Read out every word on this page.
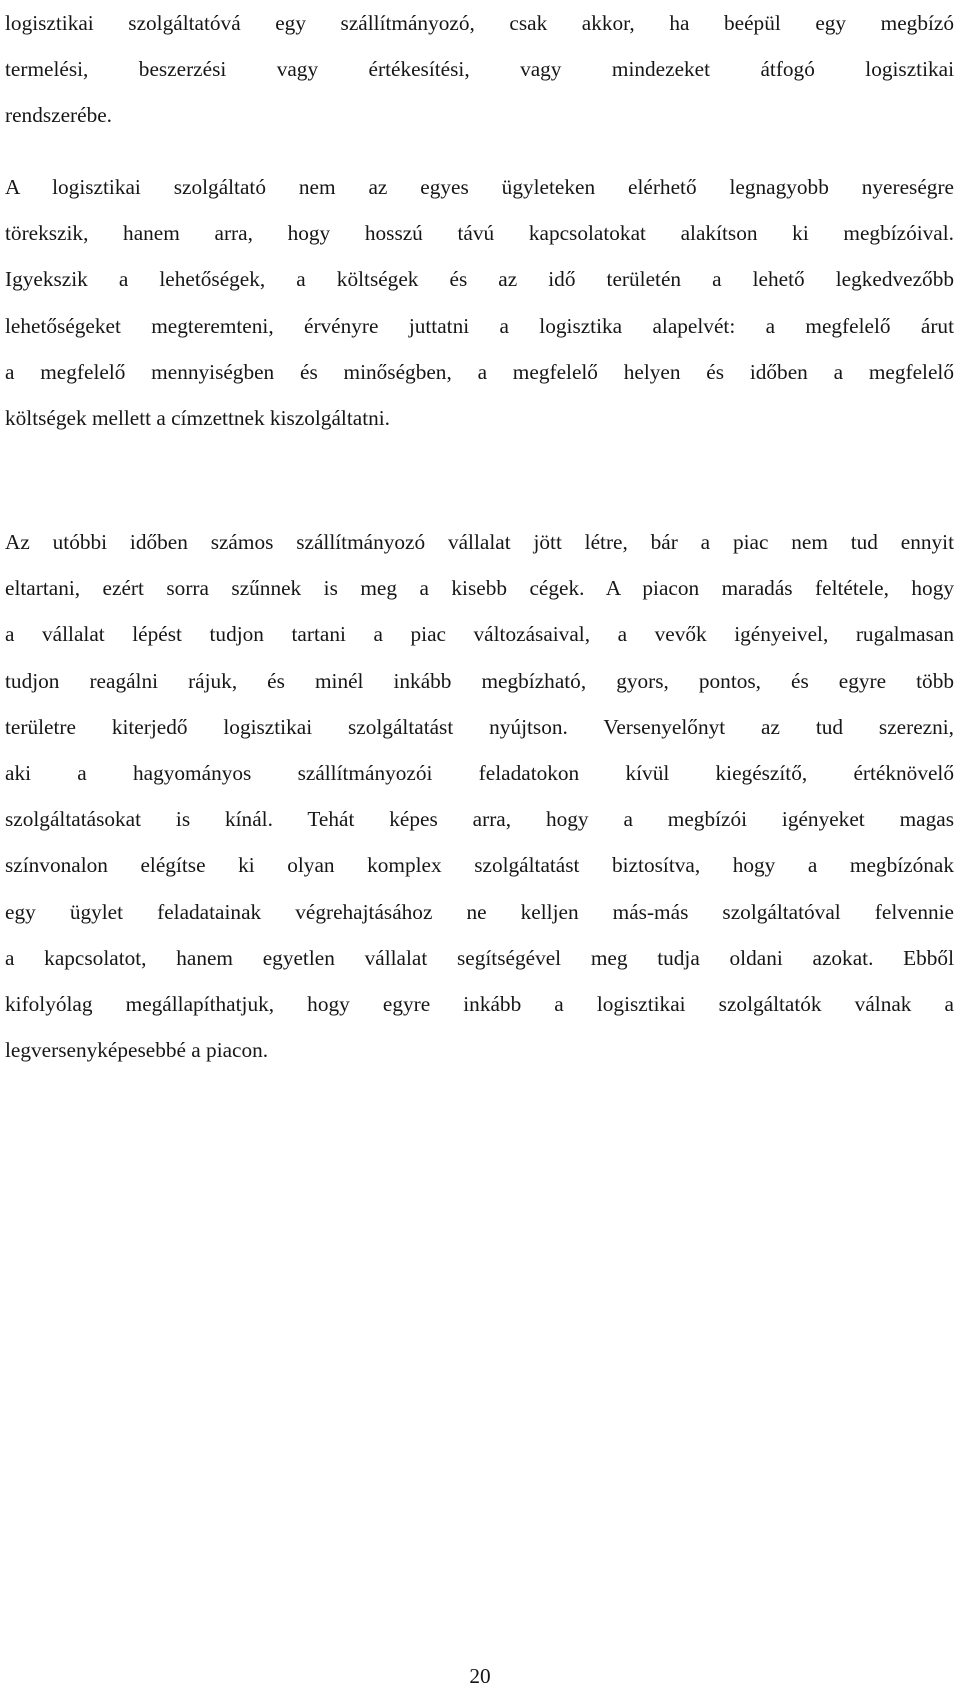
logisztikai szolgáltatóvá egy szállítmányozó, csak akkor, ha beépül egy megbízó
termelési, beszerzési vagy értékesítési, vagy mindezeket átfogó logisztikai
rendszerébe.
A logisztikai szolgáltató nem az egyes ügyleteken elérhető legnagyobb nyereségre
törekszik, hanem arra, hogy hosszú távú kapcsolatokat alakítson ki megbízóival.
Igyekszik a lehetőségek, a költségek és az idő területén a lehető legkedvezőbb
lehetőségeket megteremteni, érvényre juttatni a logisztika alapelvét: a megfelelő árut
a megfelelő mennyiségben és minőségben, a megfelelő helyen és időben a megfelelő
költségek mellett a címzettnek kiszolgáltatni.
Az utóbbi időben számos szállítmányozó vállalat jött létre, bár a piac nem tud ennyit
eltartani, ezért sorra szűnnek is meg a kisebb cégek. A piacon maradás feltétele, hogy
a vállalat lépést tudjon tartani a piac változásaival, a vevők igényeivel, rugalmasan
tudjon reagálni rájuk, és minél inkább megbízható, gyors, pontos, és egyre több
területre kiterjedő logisztikai szolgáltatást nyújtson. Versenyelőnyt az tud szerezni,
aki a hagyományos szállítmányozói feladatokon kívül kiegészítő, értéknövelő
szolgáltatásokat is kínál. Tehát képes arra, hogy a megbízói igényeket magas
színvonalon elégítse ki olyan komplex szolgáltatást biztosítva, hogy a megbízónak
egy ügylet feladatainak végrehajtásához ne kelljen más-más szolgáltatóval felvennie
a kapcsolatot, hanem egyetlen vállalat segítségével meg tudja oldani azokat. Ebből
kifolyólag megállapíthatjuk, hogy egyre inkább a logisztikai szolgáltatók válnak a
legversenyképesebbé a piacon.
20
